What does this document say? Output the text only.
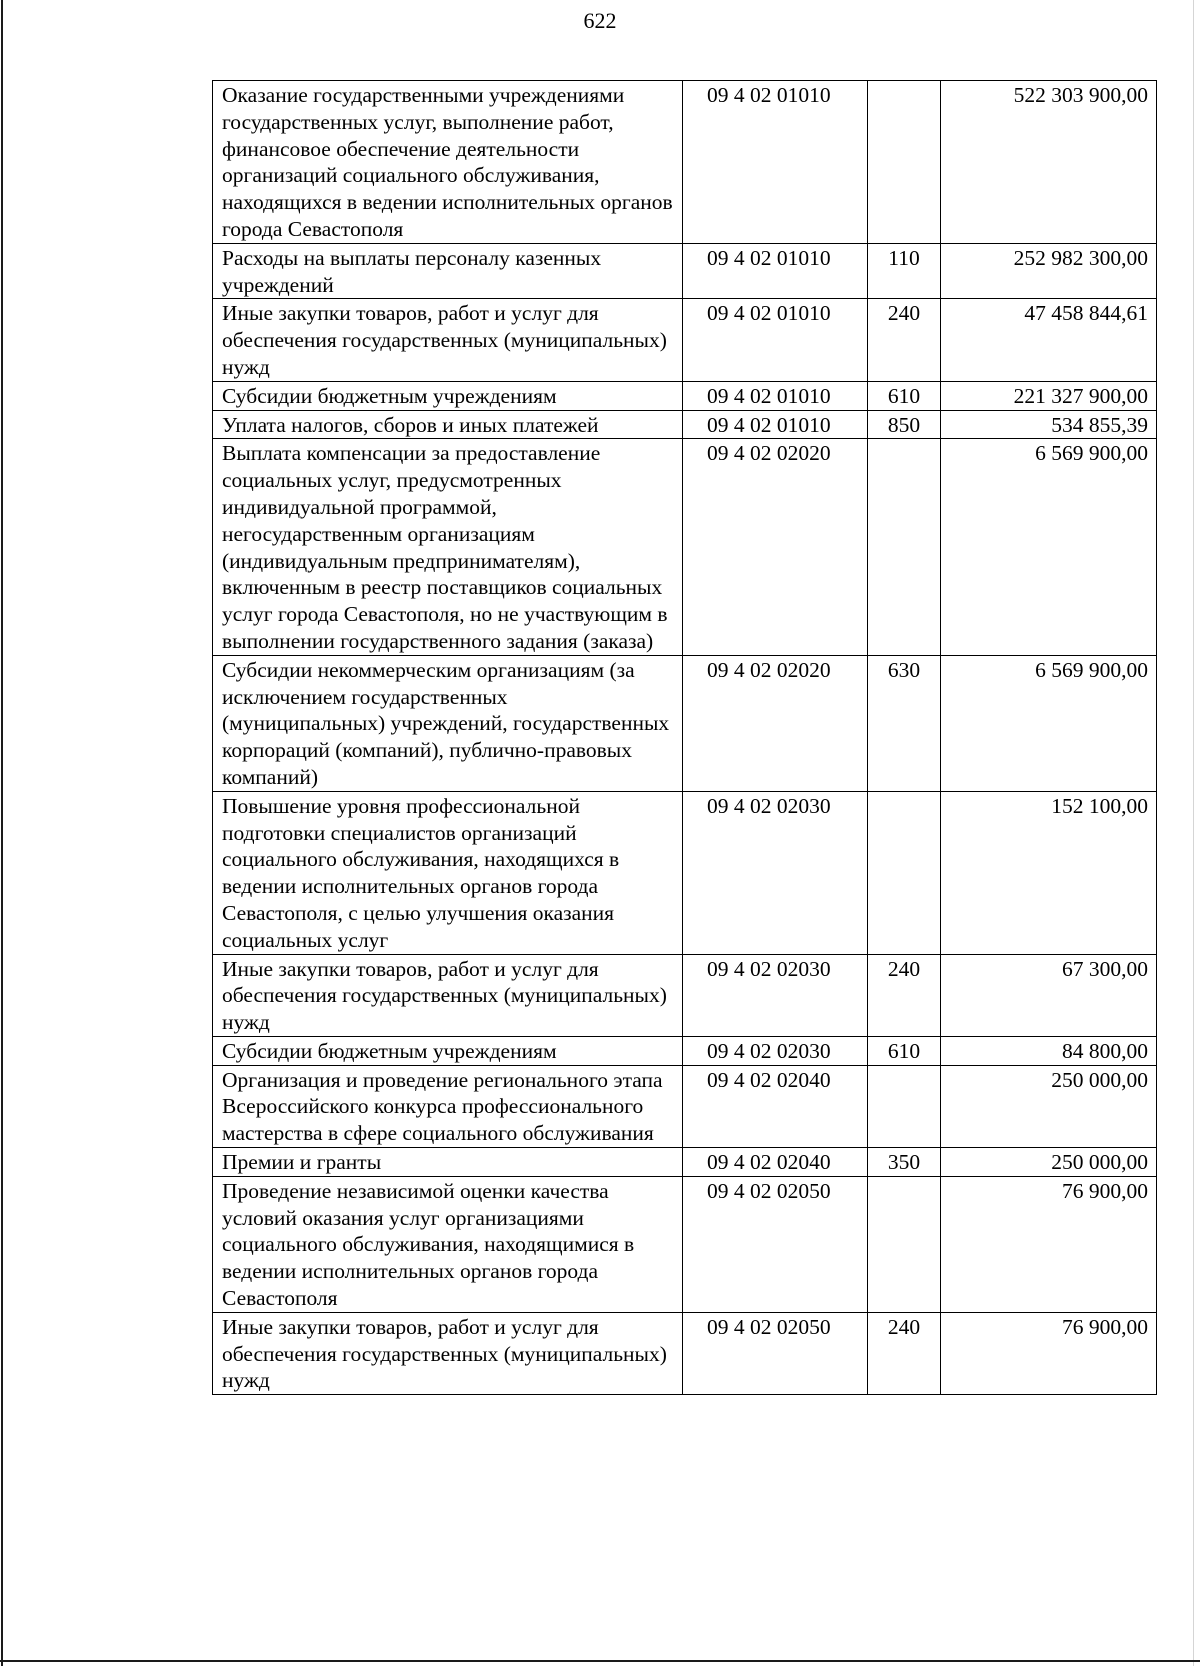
622
Оказание государственными учреждениями государственных услуг, выполнение работ, финансовое обеспечение деятельности организаций социального обслуживания, находящихся в ведении исполнительных органов города Севастополя	09 4 02 01010		522 303 900,00
Расходы на выплаты персоналу казенных учреждений	09 4 02 01010	110	252 982 300,00
Иные закупки товаров, работ и услуг для обеспечения государственных (муниципальных) нужд	09 4 02 01010	240	47 458 844,61
Субсидии бюджетным учреждениям	09 4 02 01010	610	221 327 900,00
Уплата налогов, сборов и иных платежей	09 4 02 01010	850	534 855,39
Выплата компенсации за предоставление социальных услуг, предусмотренных индивидуальной программой, негосударственным организациям (индивидуальным предпринимателям), включенным в реестр поставщиков социальных услуг города Севастополя, но не участвующим в выполнении государственного задания (заказа)	09 4 02 02020		6 569 900,00
Субсидии некоммерческим организациям (за исключением государственных (муниципальных) учреждений, государственных корпораций (компаний), публично-правовых компаний)	09 4 02 02020	630	6 569 900,00
Повышение уровня профессиональной подготовки специалистов организаций социального обслуживания, находящихся в ведении исполнительных органов города Севастополя, с целью улучшения оказания социальных услуг	09 4 02 02030		152 100,00
Иные закупки товаров, работ и услуг для обеспечения государственных (муниципальных) нужд	09 4 02 02030	240	67 300,00
Субсидии бюджетным учреждениям	09 4 02 02030	610	84 800,00
Организация и проведение регионального этапа Всероссийского конкурса профессионального мастерства в сфере социального обслуживания	09 4 02 02040		250 000,00
Премии и гранты	09 4 02 02040	350	250 000,00
Проведение независимой оценки качества условий оказания услуг организациями социального обслуживания, находящимися в ведении исполнительных органов города Севастополя	09 4 02 02050		76 900,00
Иные закупки товаров, работ и услуг для обеспечения государственных (муниципальных) нужд	09 4 02 02050	240	76 900,00
